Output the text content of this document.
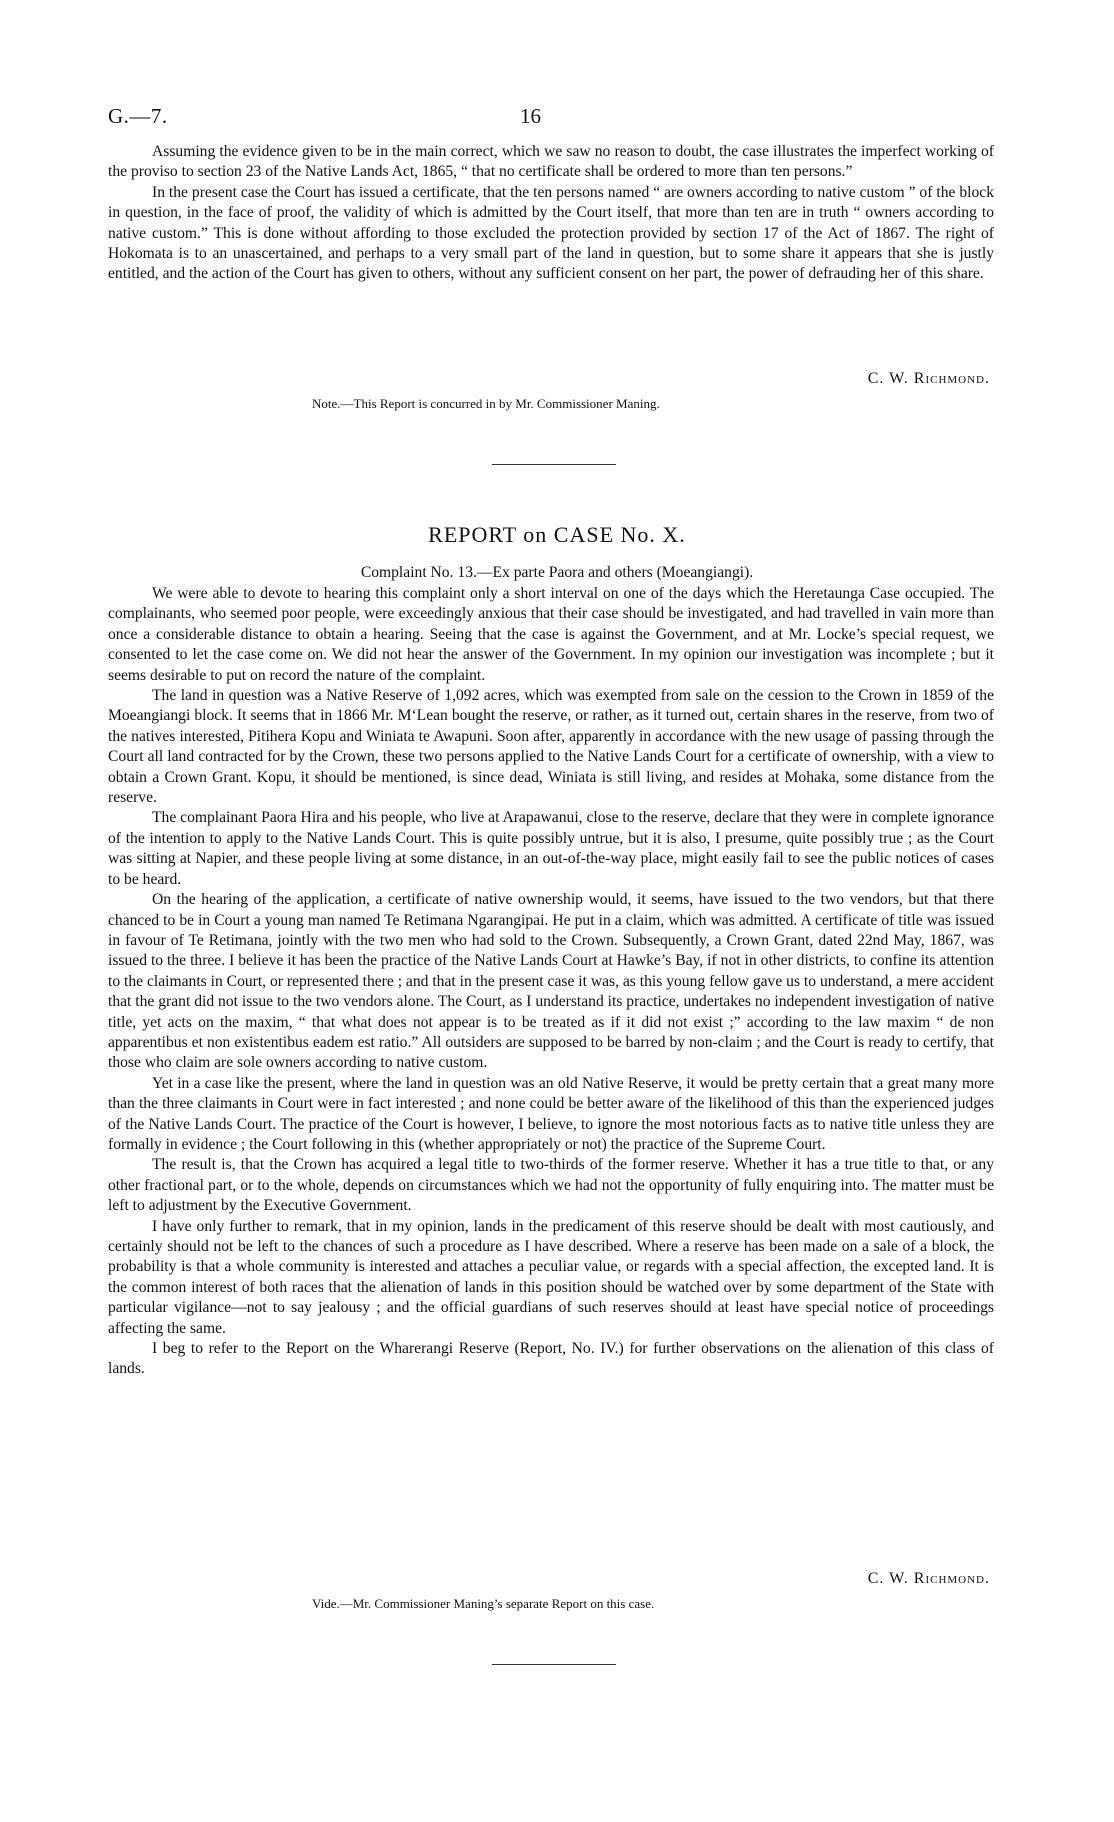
G.—7.	16

Assuming the evidence given to be in the main correct, which we saw no reason to doubt, the case illustrates the imperfect working of the proviso to section 23 of the Native Lands Act, 1865, “ that no certificate shall be ordered to more than ten persons.”

In the present case the Court has issued a certificate, that the ten persons named “ are owners according to native custom ” of the block in question, in the face of proof, the validity of which is admitted by the Court itself, that more than ten are in truth “ owners according to native custom.” This is done without affording to those excluded the protection provided by section 17 of the Act of 1867. The right of Hokomata is to an unascertained, and perhaps to a very small part of the land in question, but to some share it appears that she is justly entitled, and the action of the Court has given to others, without any sufficient consent on her part, the power of defrauding her of this share.

C. W. Richmond.
Note.—This Report is concurred in by Mr. Commissioner Maning.
REPORT on CASE No. X.
Complaint No. 13.—Ex parte Paora and others (Moeangiangi).

We were able to devote to hearing this complaint only a short interval on one of the days which the Heretaunga Case occupied. The complainants, who seemed poor people, were exceedingly anxious that their case should be investigated, and had travelled in vain more than once a considerable distance to obtain a hearing. Seeing that the case is against the Government, and at Mr. Locke’s special request, we consented to let the case come on. We did not hear the answer of the Government. In my opinion our investigation was incomplete ; but it seems desirable to put on record the nature of the complaint.

The land in question was a Native Reserve of 1,092 acres, which was exempted from sale on the cession to the Crown in 1859 of the Moeangiangi block. It seems that in 1866 Mr. M‘Lean bought the reserve, or rather, as it turned out, certain shares in the reserve, from two of the natives interested, Pitihera Kopu and Winiata te Awapuni. Soon after, apparently in accordance with the new usage of passing through the Court all land contracted for by the Crown, these two persons applied to the Native Lands Court for a certificate of ownership, with a view to obtain a Crown Grant. Kopu, it should be mentioned, is since dead, Winiata is still living, and resides at Mohaka, some distance from the reserve.

The complainant Paora Hira and his people, who live at Arapawanui, close to the reserve, declare that they were in complete ignorance of the intention to apply to the Native Lands Court. This is quite possibly untrue, but it is also, I presume, quite possibly true ; as the Court was sitting at Napier, and these people living at some distance, in an out-of-the-way place, might easily fail to see the public notices of cases to be heard.

On the hearing of the application, a certificate of native ownership would, it seems, have issued to the two vendors, but that there chanced to be in Court a young man named Te Retimana Ngarangipai. He put in a claim, which was admitted. A certificate of title was issued in favour of Te Retimana, jointly with the two men who had sold to the Crown. Subsequently, a Crown Grant, dated 22nd May, 1867, was issued to the three. I believe it has been the practice of the Native Lands Court at Hawke’s Bay, if not in other districts, to confine its attention to the claimants in Court, or represented there ; and that in the present case it was, as this young fellow gave us to understand, a mere accident that the grant did not issue to the two vendors alone. The Court, as I understand its practice, undertakes no independent investigation of native title, yet acts on the maxim, “ that what does not appear is to be treated as if it did not exist ;” according to the law maxim “ de non apparentibus et non existentibus eadem est ratio.” All outsiders are supposed to be barred by non-claim ; and the Court is ready to certify, that those who claim are sole owners according to native custom.

Yet in a case like the present, where the land in question was an old Native Reserve, it would be pretty certain that a great many more than the three claimants in Court were in fact interested ; and none could be better aware of the likelihood of this than the experienced judges of the Native Lands Court. The practice of the Court is however, I believe, to ignore the most notorious facts as to native title unless they are formally in evidence ; the Court following in this (whether appropriately or not) the practice of the Supreme Court.

The result is, that the Crown has acquired a legal title to two-thirds of the former reserve. Whether it has a true title to that, or any other fractional part, or to the whole, depends on circumstances which we had not the opportunity of fully enquiring into. The matter must be left to adjustment by the Executive Government.

I have only further to remark, that in my opinion, lands in the predicament of this reserve should be dealt with most cautiously, and certainly should not be left to the chances of such a procedure as I have described. Where a reserve has been made on a sale of a block, the probability is that a whole community is interested and attaches a peculiar value, or regards with a special affection, the excepted land. It is the common interest of both races that the alienation of lands in this position should be watched over by some department of the State with particular vigilance—not to say jealousy ; and the official guardians of such reserves should at least have special notice of proceedings affecting the same.

I beg to refer to the Report on the Wharerangi Reserve (Report, No. IV.) for further observations on the alienation of this class of lands.

C. W. Richmond.
Vide.—Mr. Commissioner Maning’s separate Report on this case.
